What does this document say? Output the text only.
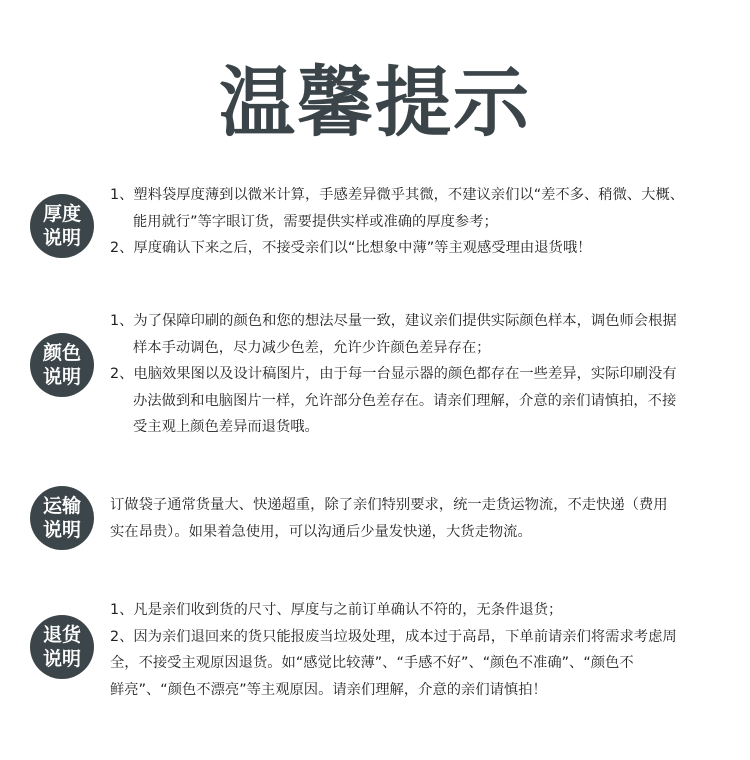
温馨提示
厚度
说明
1、塑料袋厚度薄到以微米计算，手感差异微乎其微，不建议亲们以“差不多、稍微、大概、
能用就行”等字眼订货，需要提供实样或准确的厚度参考；
2、厚度确认下来之后，不接受亲们以“比想象中薄”等主观感受理由退货哦！
颜色
说明
1、为了保障印刷的颜色和您的想法尽量一致，建议亲们提供实际颜色样本，调色师会根据
样本手动调色，尽力减少色差，允许少许颜色差异存在；
2、电脑效果图以及设计稿图片，由于每一台显示器的颜色都存在一些差异，实际印刷没有
办法做到和电脑图片一样，允许部分色差存在。请亲们理解，介意的亲们请慎拍，不接
受主观上颜色差异而退货哦。
运输
说明
订做袋子通常货量大、快递超重，除了亲们特别要求，统一走货运物流，不走快递（费用
实在昂贵）。如果着急使用，可以沟通后少量发快递，大货走物流。
退货
说明
1、凡是亲们收到货的尺寸、厚度与之前订单确认不符的，无条件退货；
2、因为亲们退回来的货只能报废当垃圾处理，成本过于高昂，下单前请亲们将需求考虑周
全，不接受主观原因退货。如“感觉比较薄”、“手感不好”、“颜色不准确”、“颜色不
鲜亮”、“颜色不漂亮”等主观原因。请亲们理解，介意的亲们请慎拍！
